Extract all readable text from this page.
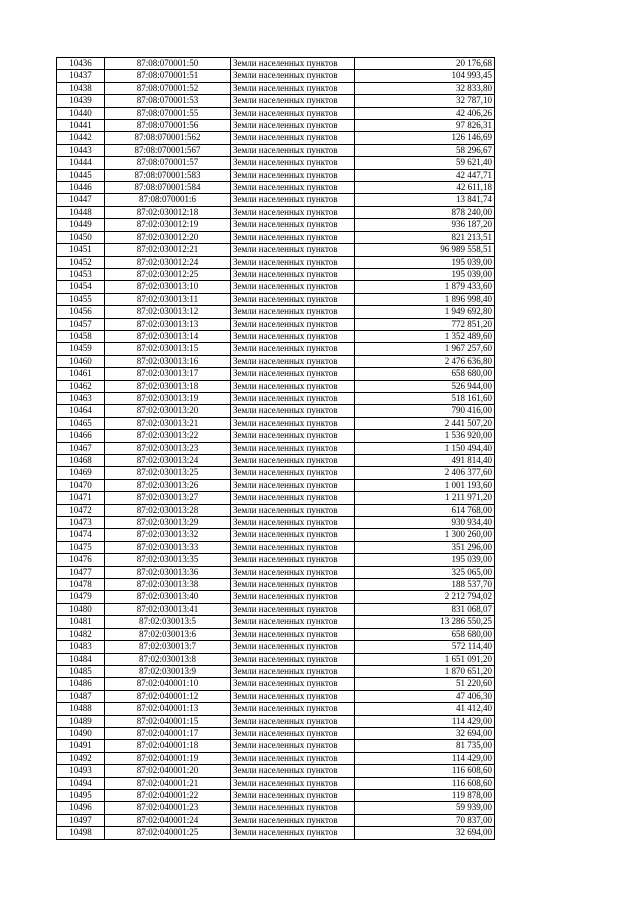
10436	87:08:070001:50	Земли населенных пунктов	20 176,68
10437	87:08:070001:51	Земли населенных пунктов	104 993,45
10438	87:08:070001:52	Земли населенных пунктов	32 833,80
10439	87:08:070001:53	Земли населенных пунктов	32 787,10
10440	87:08:070001:55	Земли населенных пунктов	42 406,26
10441	87:08:070001:56	Земли населенных пунктов	97 826,31
10442	87:08:070001:562	Земли населенных пунктов	126 146,69
10443	87:08:070001:567	Земли населенных пунктов	58 296,67
10444	87:08:070001:57	Земли населенных пунктов	59 621,40
10445	87:08:070001:583	Земли населенных пунктов	42 447,71
10446	87:08:070001:584	Земли населенных пунктов	42 611,18
10447	87:08:070001:6	Земли населенных пунктов	13 841,74
10448	87:02:030012:18	Земли населенных пунктов	878 240,00
10449	87:02:030012:19	Земли населенных пунктов	936 187,20
10450	87:02:030012:20	Земли населенных пунктов	821 213,51
10451	87:02:030012:21	Земли населенных пунктов	96 989 558,51
10452	87:02:030012:24	Земли населенных пунктов	195 039,00
10453	87:02:030012:25	Земли населенных пунктов	195 039,00
10454	87:02:030013:10	Земли населенных пунктов	1 879 433,60
10455	87:02:030013:11	Земли населенных пунктов	1 896 998,40
10456	87:02:030013:12	Земли населенных пунктов	1 949 692,80
10457	87:02:030013:13	Земли населенных пунктов	772 851,20
10458	87:02:030013:14	Земли населенных пунктов	1 352 489,60
10459	87:02:030013:15	Земли населенных пунктов	1 967 257,60
10460	87:02:030013:16	Земли населенных пунктов	2 476 636,80
10461	87:02:030013:17	Земли населенных пунктов	658 680,00
10462	87:02:030013:18	Земли населенных пунктов	526 944,00
10463	87:02:030013:19	Земли населенных пунктов	518 161,60
10464	87:02:030013:20	Земли населенных пунктов	790 416,00
10465	87:02:030013:21	Земли населенных пунктов	2 441 507,20
10466	87:02:030013:22	Земли населенных пунктов	1 536 920,00
10467	87:02:030013:23	Земли населенных пунктов	1 150 494,40
10468	87:02:030013:24	Земли населенных пунктов	491 814,40
10469	87:02:030013:25	Земли населенных пунктов	2 406 377,60
10470	87:02:030013:26	Земли населенных пунктов	1 001 193,60
10471	87:02:030013:27	Земли населенных пунктов	1 211 971,20
10472	87:02:030013:28	Земли населенных пунктов	614 768,00
10473	87:02:030013:29	Земли населенных пунктов	930 934,40
10474	87:02:030013:32	Земли населенных пунктов	1 300 260,00
10475	87:02:030013:33	Земли населенных пунктов	351 296,00
10476	87:02:030013:35	Земли населенных пунктов	195 039,00
10477	87:02:030013:36	Земли населенных пунктов	325 065,00
10478	87:02:030013:38	Земли населенных пунктов	188 537,70
10479	87:02:030013:40	Земли населенных пунктов	2 212 794,02
10480	87:02:030013:41	Земли населенных пунктов	831 068,07
10481	87:02:030013:5	Земли населенных пунктов	13 286 550,25
10482	87:02:030013:6	Земли населенных пунктов	658 680,00
10483	87:02:030013:7	Земли населенных пунктов	572 114,40
10484	87:02:030013:8	Земли населенных пунктов	1 651 091,20
10485	87:02:030013:9	Земли населенных пунктов	1 870 651,20
10486	87:02:040001:10	Земли населенных пунктов	51 220,60
10487	87:02:040001:12	Земли населенных пунктов	47 406,30
10488	87:02:040001:13	Земли населенных пунктов	41 412,40
10489	87:02:040001:15	Земли населенных пунктов	114 429,00
10490	87:02:040001:17	Земли населенных пунктов	32 694,00
10491	87:02:040001:18	Земли населенных пунктов	81 735,00
10492	87:02:040001:19	Земли населенных пунктов	114 429,00
10493	87:02:040001:20	Земли населенных пунктов	116 608,60
10494	87:02:040001:21	Земли населенных пунктов	116 608,60
10495	87:02:040001:22	Земли населенных пунктов	119 878,00
10496	87:02:040001:23	Земли населенных пунктов	59 939,00
10497	87:02:040001:24	Земли населенных пунктов	70 837,00
10498	87:02:040001:25	Земли населенных пунктов	32 694,00
